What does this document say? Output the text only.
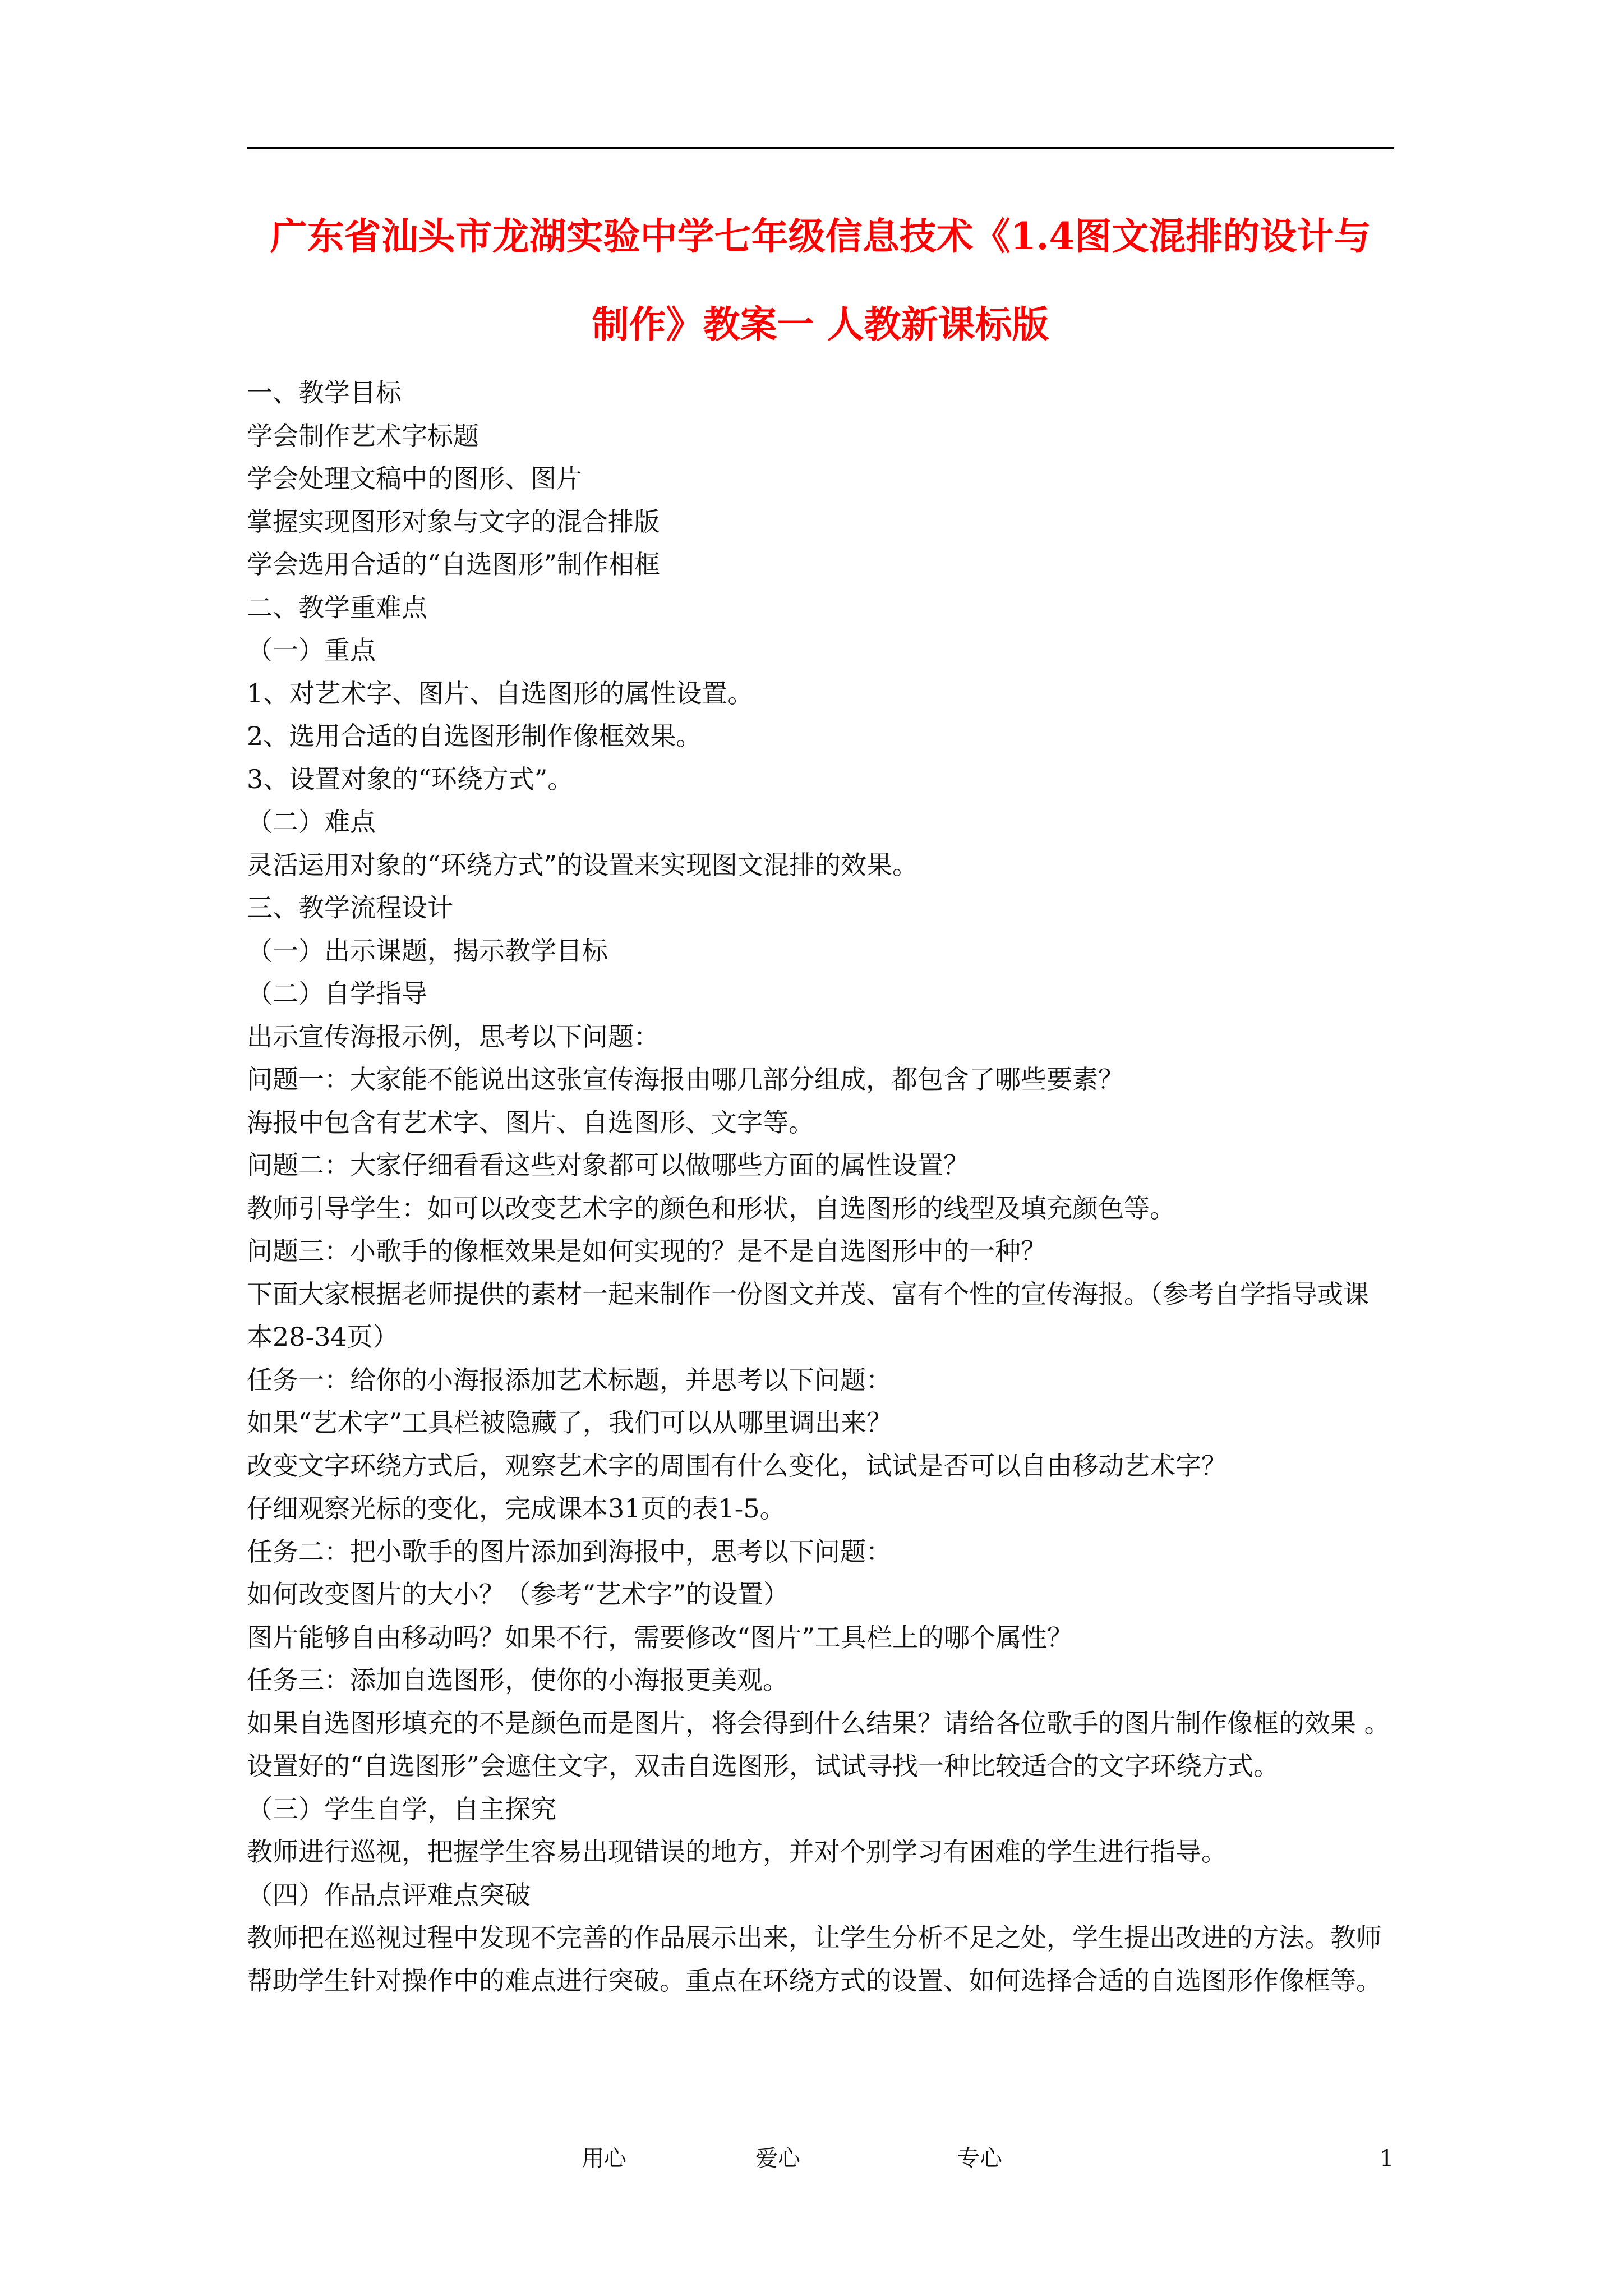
广东省汕头市龙湖实验中学七年级信息技术《1.4图文混排的设计与
制作》教案一 人教新课标版

一、教学目标

学会制作艺术字标题

学会处理文稿中的图形、图片

掌握实现图形对象与文字的混合排版

学会选用合适的“自选图形”制作相框

二、教学重难点

（一）重点

1、对艺术字、图片、自选图形的属性设置。

2、选用合适的自选图形制作像框效果。

3、设置对象的“环绕方式”。

（二）难点

灵活运用对象的“环绕方式”的设置来实现图文混排的效果。

三、教学流程设计

（一）出示课题，揭示教学目标

（二）自学指导

出示宣传海报示例，思考以下问题：

问题一：大家能不能说出这张宣传海报由哪几部分组成，都包含了哪些要素？

海报中包含有艺术字、图片、自选图形、文字等。

问题二：大家仔细看看这些对象都可以做哪些方面的属性设置？

教师引导学生：如可以改变艺术字的颜色和形状，自选图形的线型及填充颜色等。

问题三：小歌手的像框效果是如何实现的？是不是自选图形中的一种？

下面大家根据老师提供的素材一起来制作一份图文并茂、富有个性的宣传海报。（参考自学指导或课本28-34页）

任务一：给你的小海报添加艺术标题，并思考以下问题：

如果“艺术字”工具栏被隐藏了，我们可以从哪里调出来？

改变文字环绕方式后，观察艺术字的周围有什么变化，试试是否可以自由移动艺术字？

仔细观察光标的变化，完成课本31页的表1-5。

任务二：把小歌手的图片添加到海报中，思考以下问题：

如何改变图片的大小？（参考“艺术字”的设置）

图片能够自由移动吗？如果不行，需要修改“图片”工具栏上的哪个属性？

任务三：添加自选图形，使你的小海报更美观。

如果自选图形填充的不是颜色而是图片，将会得到什么结果？请给各位歌手的图片制作像框的效果 。

设置好的“自选图形”会遮住文字，双击自选图形，试试寻找一种比较适合的文字环绕方式。

（三）学生自学，自主探究

教师进行巡视，把握学生容易出现错误的地方，并对个别学习有困难的学生进行指导。

（四）作品点评难点突破

教师把在巡视过程中发现不完善的作品展示出来，让学生分析不足之处，学生提出改进的方法。教师帮助学生针对操作中的难点进行突破。重点在环绕方式的设置、如何选择合适的自选图形作像框等。

用心	爱心	专心	1
